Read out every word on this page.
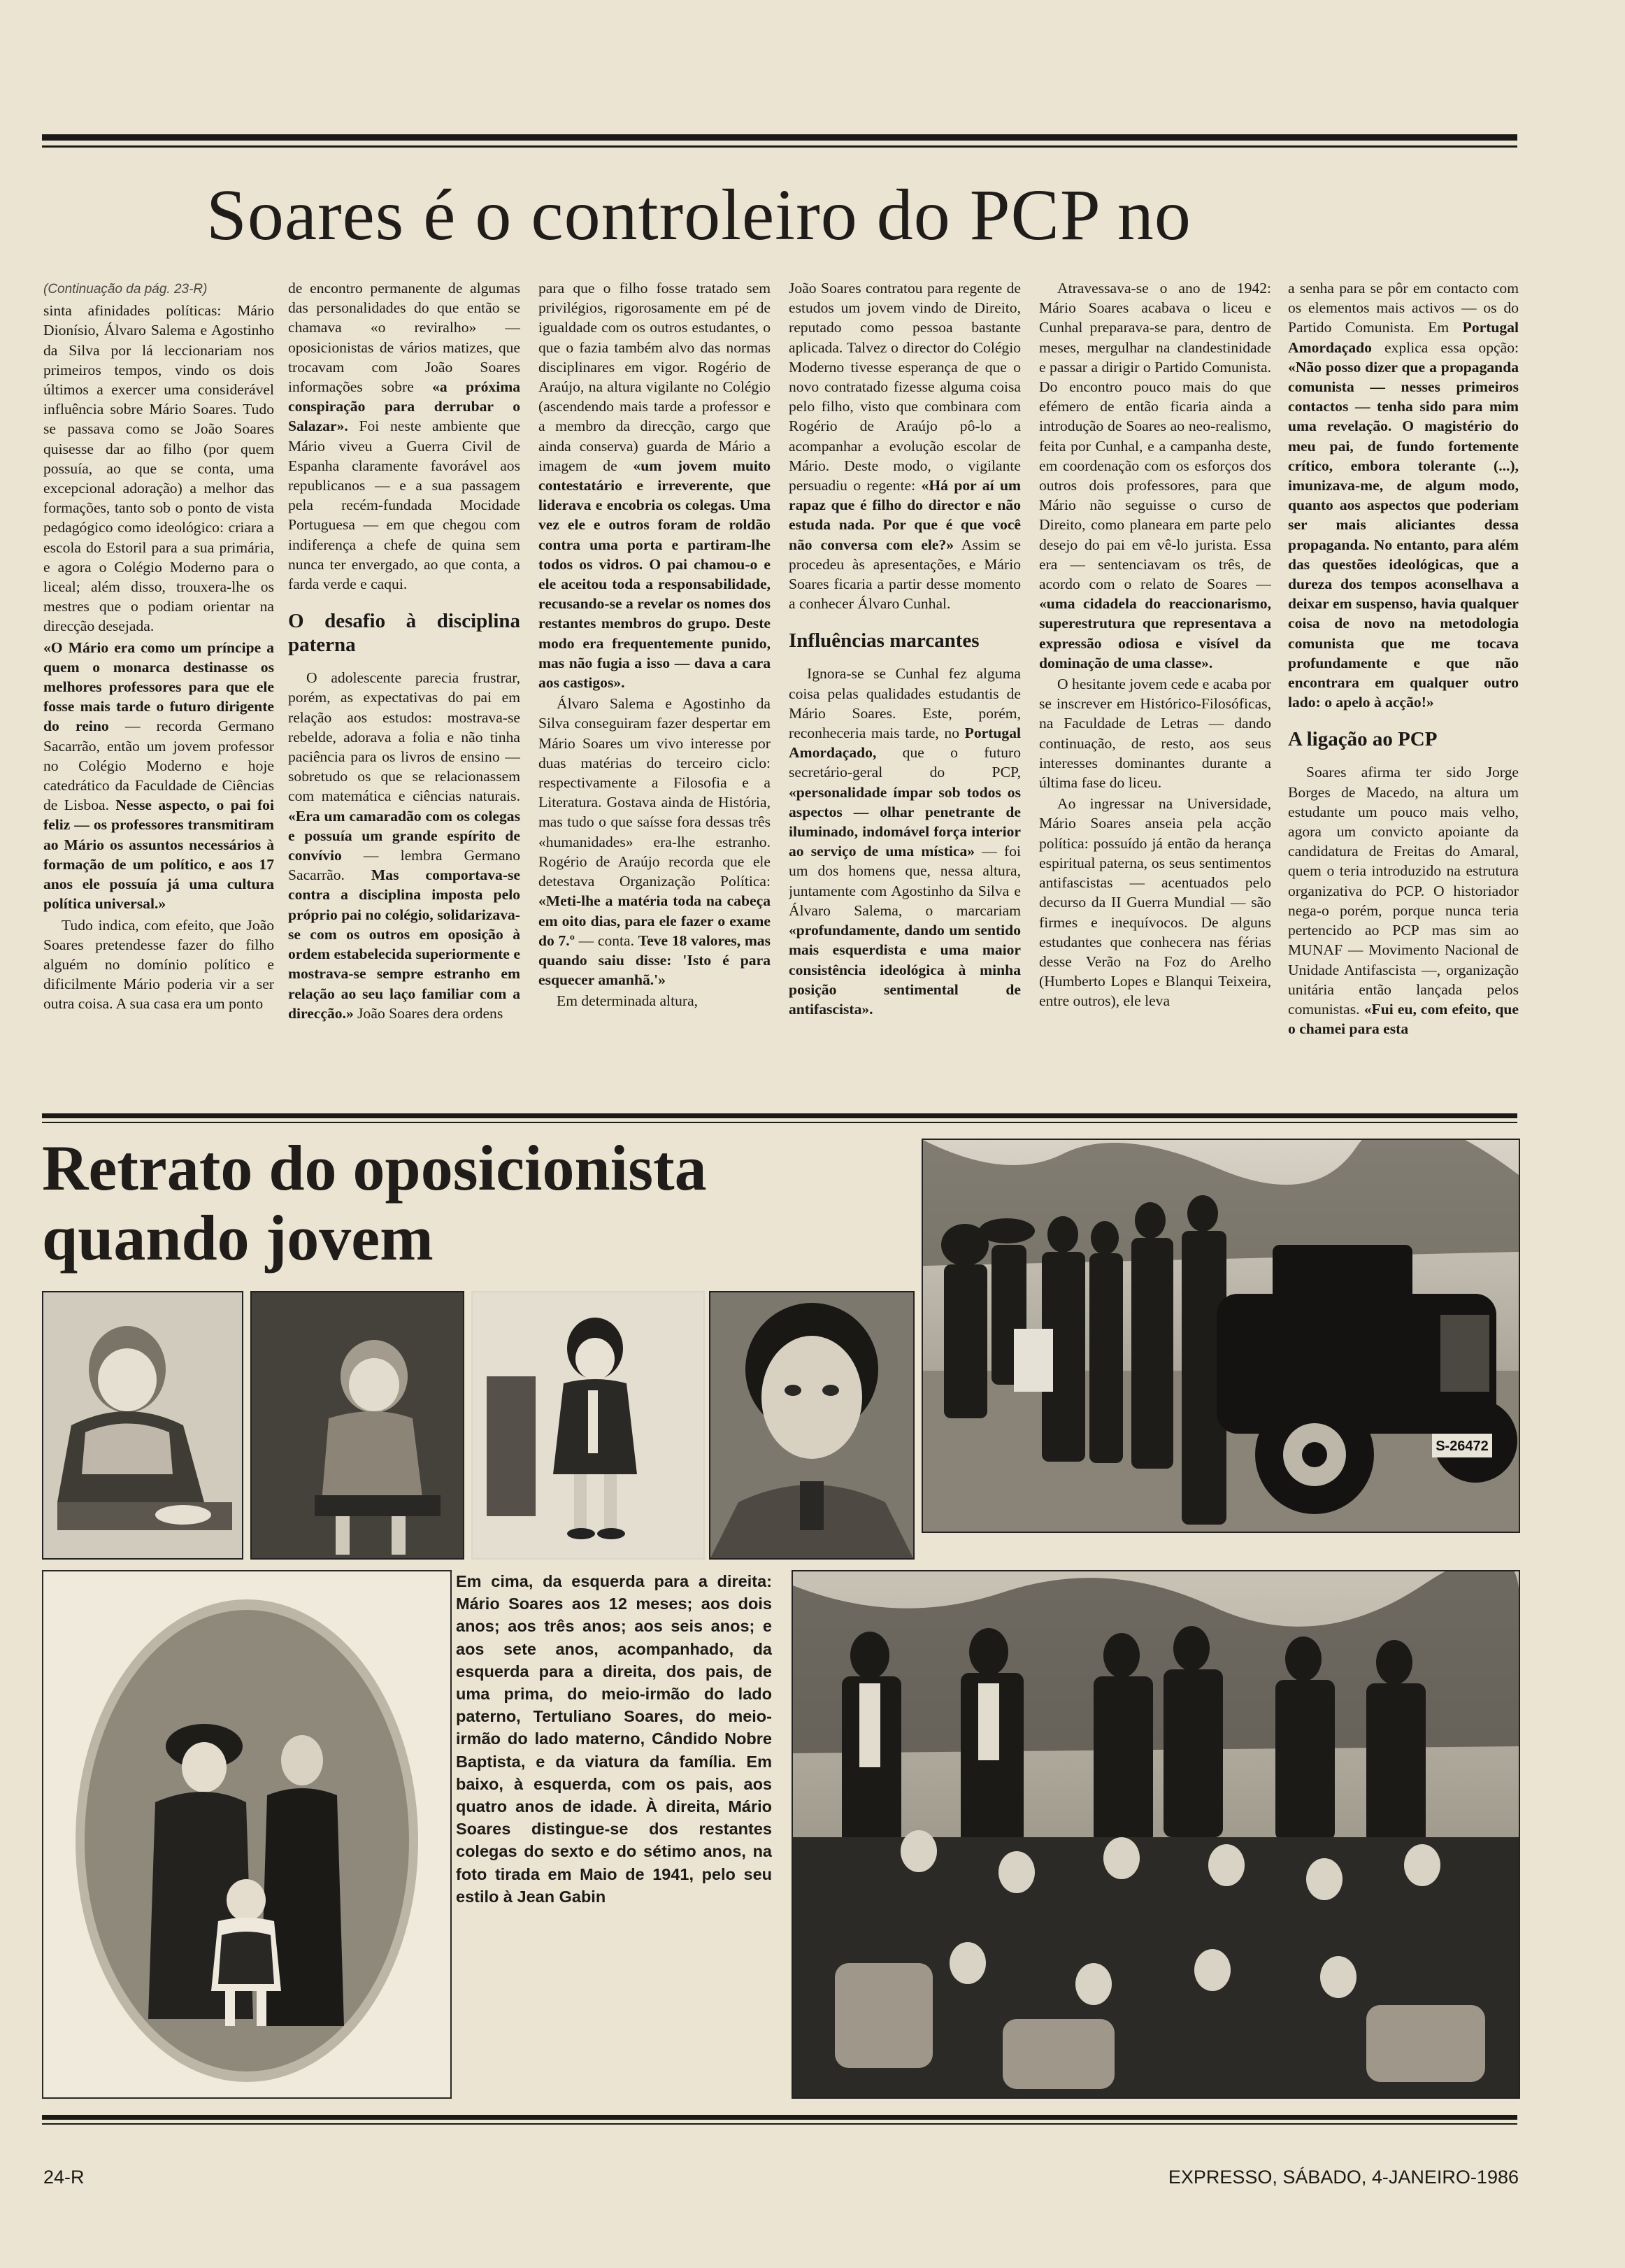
Soares é o controleiro do PCP no

(Continuação da pág. 23-R)

sinta afinidades políticas: Mário Dionísio, Álvaro Salema e Agostinho da Silva por lá leccionariam nos primeiros tempos, vindo os dois últimos a exercer uma considerável influência sobre Mário Soares. Tudo se passava como se João Soares quisesse dar ao filho (por quem possuía, ao que se conta, uma excepcional adoração) a melhor das formações, tanto sob o ponto de vista pedagógico como ideológico: criara a escola do Estoril para a sua primária, e agora o Colégio Moderno para o liceal; além disso, trouxera-lhe os mestres que o podiam orientar na direcção desejada.

«O Mário era como um príncipe a quem o monarca destinasse os melhores professores para que ele fosse mais tarde o futuro dirigente do reino — recorda Germano Sacarrão, então um jovem professor no Colégio Moderno e hoje catedrático da Faculdade de Ciências de Lisboa. Nesse aspecto, o pai foi feliz — os professores transmitiram ao Mário os assuntos necessários à formação de um político, e aos 17 anos ele possuía já uma cultura política universal.»

Tudo indica, com efeito, que João Soares pretendesse fazer do filho alguém no domínio político e dificilmente Mário poderia vir a ser outra coisa. A sua casa era um ponto

de encontro permanente de algumas das personalidades do que então se chamava «o reviralho» — oposicionistas de vários matizes, que trocavam com João Soares informações sobre «a próxima conspiração para derrubar o Salazar». Foi neste ambiente que Mário viveu a Guerra Civil de Espanha claramente favorável aos republicanos — e a sua passagem pela recém-fundada Mocidade Portuguesa — em que chegou com indiferença a chefe de quina sem nunca ter envergado, ao que conta, a farda verde e caqui.

O desafio à disciplina paterna

O adolescente parecia frustrar, porém, as expectativas do pai em relação aos estudos: mostrava-se rebelde, adorava a folia e não tinha paciência para os livros de ensino — sobretudo os que se relacionassem com matemática e ciências naturais. «Era um camaradão com os colegas e possuía um grande espírito de convívio — lembra Germano Sacarrão. Mas comportava-se contra a disciplina imposta pelo próprio pai no colégio, solidarizava-se com os outros em oposição à ordem estabelecida superiormente e mostrava-se sempre estranho em relação ao seu laço familiar com a direcção.» João Soares dera ordens

para que o filho fosse tratado sem privilégios, rigorosamente em pé de igualdade com os outros estudantes, o que o fazia também alvo das normas disciplinares em vigor. Rogério de Araújo, na altura vigilante no Colégio (ascendendo mais tarde a professor e a membro da direcção, cargo que ainda conserva) guarda de Mário a imagem de «um jovem muito contestatário e irreverente, que liderava e encobria os colegas. Uma vez ele e outros foram de roldão contra uma porta e partiram-lhe todos os vidros. O pai chamou-o e ele aceitou toda a responsabilidade, recusando-se a revelar os nomes dos restantes membros do grupo. Deste modo era frequentemente punido, mas não fugia a isso — dava a cara aos castigos».

Álvaro Salema e Agostinho da Silva conseguiram fazer despertar em Mário Soares um vivo interesse por duas matérias do terceiro ciclo: respectivamente a Filosofia e a Literatura. Gostava ainda de História, mas tudo o que saísse fora dessas três «humanidades» era-lhe estranho. Rogério de Araújo recorda que ele detestava Organização Política: «Meti-lhe a matéria toda na cabeça em oito dias, para ele fazer o exame do 7.º — conta. Teve 18 valores, mas quando saiu disse: 'Isto é para esquecer amanhã.'»

Em determinada altura,

João Soares contratou para regente de estudos um jovem vindo de Direito, reputado como pessoa bastante aplicada. Talvez o director do Colégio Moderno tivesse esperança de que o novo contratado fizesse alguma coisa pelo filho, visto que combinara com Rogério de Araújo pô-lo a acompanhar a evolução escolar de Mário. Deste modo, o vigilante persuadiu o regente: «Há por aí um rapaz que é filho do director e não estuda nada. Por que é que você não conversa com ele?» Assim se procedeu às apresentações, e Mário Soares ficaria a partir desse momento a conhecer Álvaro Cunhal.

Influências marcantes

Ignora-se se Cunhal fez alguma coisa pelas qualidades estudantis de Mário Soares. Este, porém, reconheceria mais tarde, no Portugal Amordaçado, que o futuro secretário-geral do PCP, «personalidade ímpar sob todos os aspectos — olhar penetrante de iluminado, indomável força interior ao serviço de uma mística» — foi um dos homens que, nessa altura, juntamente com Agostinho da Silva e Álvaro Salema, o marcariam «profundamente, dando um sentido mais esquerdista e uma maior consistência ideológica à minha posição sentimental de antifascista».

Atravessava-se o ano de 1942: Mário Soares acabava o liceu e Cunhal preparava-se para, dentro de meses, mergulhar na clandestinidade e passar a dirigir o Partido Comunista. Do encontro pouco mais do que efémero de então ficaria ainda a introdução de Soares ao neo-realismo, feita por Cunhal, e a campanha deste, em coordenação com os esforços dos outros dois professores, para que Mário não seguisse o curso de Direito, como planeara em parte pelo desejo do pai em vê-lo jurista. Essa era — sentenciavam os três, de acordo com o relato de Soares — «uma cidadela do reaccionarismo, superestrutura que representava a expressão odiosa e visível da dominação de uma classe».

O hesitante jovem cede e acaba por se inscrever em Histórico-Filosóficas, na Faculdade de Letras — dando continuação, de resto, aos seus interesses dominantes durante a última fase do liceu.

Ao ingressar na Universidade, Mário Soares anseia pela acção política: possuído já então da herança espiritual paterna, os seus sentimentos antifascistas — acentuados pelo decurso da II Guerra Mundial — são firmes e inequívocos. De alguns estudantes que conhecera nas férias desse Verão na Foz do Arelho (Humberto Lopes e Blanqui Teixeira, entre outros), ele leva

a senha para se pôr em contacto com os elementos mais activos — os do Partido Comunista. Em Portugal Amordaçado explica essa opção: «Não posso dizer que a propaganda comunista — nesses primeiros contactos — tenha sido para mim uma revelação. O magistério do meu pai, de fundo fortemente crítico, embora tolerante (...), imunizava-me, de algum modo, quanto aos aspectos que poderiam ser mais aliciantes dessa propaganda. No entanto, para além das questões ideológicas, que a dureza dos tempos aconselhava a deixar em suspenso, havia qualquer coisa de novo na metodologia comunista que me tocava profundamente e que não encontrara em qualquer outro lado: o apelo à acção!»

A ligação ao PCP

Soares afirma ter sido Jorge Borges de Macedo, na altura um estudante um pouco mais velho, agora um convicto apoiante da candidatura de Freitas do Amaral, quem o teria introduzido na estrutura organizativa do PCP. O historiador nega-o porém, porque nunca teria pertencido ao PCP mas sim ao MUNAF — Movimento Nacional de Unidade Antifascista —, organização unitária então lançada pelos comunistas. «Fui eu, com efeito, que o chamei para esta

Retrato do oposicionista quando jovem
S-26472
Em cima, da esquerda para a direita: Mário Soares aos 12 meses; aos dois anos; aos três anos; aos seis anos; e aos sete anos, acompanhado, da esquerda para a direita, dos pais, de uma prima, do meio-irmão do lado paterno, Tertuliano Soares, do meio-irmão do lado materno, Cândido Nobre Baptista, e da viatura da família. Em baixo, à esquerda, com os pais, aos quatro anos de idade. À direita, Mário Soares distingue-se dos restantes colegas do sexto e do sétimo anos, na foto tirada em Maio de 1941, pelo seu estilo à Jean Gabin
24-R	EXPRESSO, SÁBADO, 4-JANEIRO-1986
